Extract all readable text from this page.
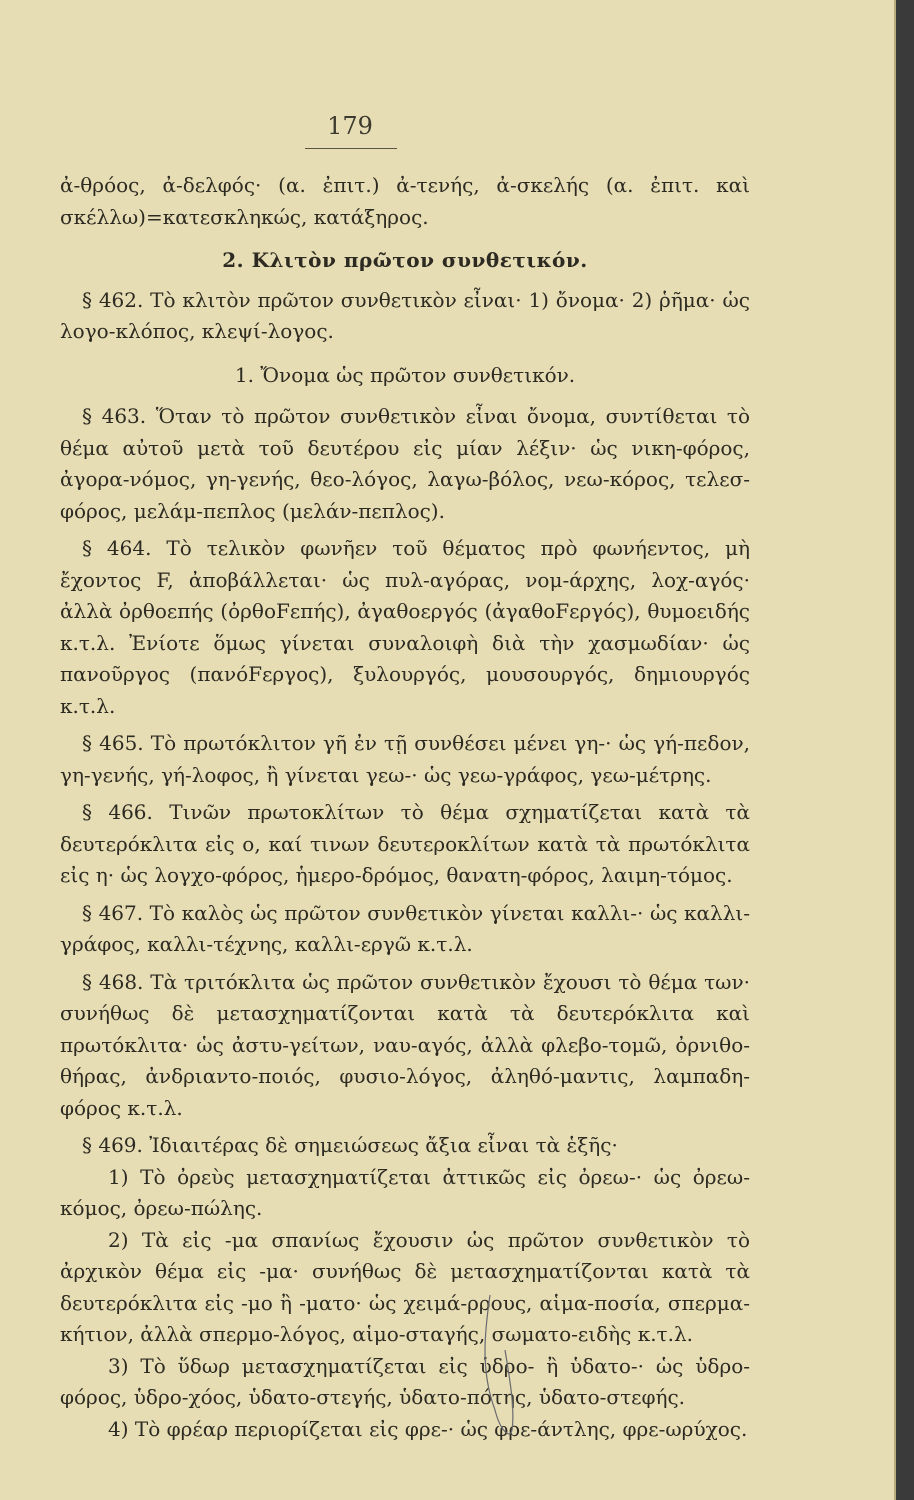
179

ἀ-θρόος, ἀ-δελφός· (α. ἐπιτ.) ἀ-τενής, ἀ-σκελής (α. ἐπιτ. καὶ σκέλλω)=κατεσκληκώς, κατάξηρος.

2. Κλιτὸν πρῶτον συνθετικόν.

§ 462. Τὸ κλιτὸν πρῶτον συνθετικὸν εἶναι· 1) ὄνομα· 2) ῥῆμα· ὡς λογο-κλόπος, κλεψί-λογος.

1. Ὄνομα ὡς πρῶτον συνθετικόν.

§ 463. Ὅταν τὸ πρῶτον συνθετικὸν εἶναι ὄνομα, συντίθεται τὸ θέμα αὐτοῦ μετὰ τοῦ δευτέρου εἰς μίαν λέξιν· ὡς νικη-φόρος, ἀγορα-νόμος, γη-γενής, θεο-λόγος, λαγω-βόλος, νεω-κόρος, τελεσ-φόρος, μελάμ-πεπλος (μελάν-πεπλος).

§ 464. Τὸ τελικὸν φωνῆεν τοῦ θέματος πρὸ φωνήεντος, μὴ ἔχοντος F, ἀποβάλλεται· ὡς πυλ-αγόρας, νομ-άρχης, λοχ-αγός· ἀλλὰ ὀρθοεπής (ὀρθοFεπής), ἀγαθοεργός (ἀγαθοFεργός), θυμοειδής κ.τ.λ. Ἐνίοτε ὅμως γίνεται συναλοιφὴ διὰ τὴν χασμωδίαν· ὡς πανοῦργος (πανόFεργος), ξυλουργός, μουσουργός, δημιουργός κ.τ.λ.

§ 465. Τὸ πρωτόκλιτον γῆ ἐν τῇ συνθέσει μένει γη-· ὡς γή-πεδον, γη-γενής, γή-λοφος, ἢ γίνεται γεω-· ὡς γεω-γράφος, γεω-μέτρης.

§ 466. Τινῶν πρωτοκλίτων τὸ θέμα σχηματίζεται κατὰ τὰ δευτερόκλιτα εἰς ο, καί τινων δευτεροκλίτων κατὰ τὰ πρωτόκλιτα εἰς η· ὡς λογχο-φόρος, ἡμερο-δρόμος, θανατη-φόρος, λαιμη-τόμος.

§ 467. Τὸ καλὸς ὡς πρῶτον συνθετικὸν γίνεται καλλι-· ὡς καλλι-γράφος, καλλι-τέχνης, καλλι-εργῶ κ.τ.λ.

§ 468. Τὰ τριτόκλιτα ὡς πρῶτον συνθετικὸν ἔχουσι τὸ θέμα των· συνήθως δὲ μετασχηματίζονται κατὰ τὰ δευτερόκλιτα καὶ πρωτόκλιτα· ὡς ἀστυ-γείτων, ναυ-αγός, ἀλλὰ φλεβο-τομῶ, ὀρνιθο-θήρας, ἀνδριαντο-ποιός, φυσιο-λόγος, ἀληθό-μαντις, λαμπαδη-φόρος κ.τ.λ.

§ 469. Ἰδιαιτέρας δὲ σημειώσεως ἄξια εἶναι τὰ ἑξῆς·

1) Τὸ ὀρεὺς μετασχηματίζεται ἀττικῶς εἰς ὀρεω-· ὡς ὀρεω-κόμος, ὀρεω-πώλης.

2) Τὰ εἰς -μα σπανίως ἔχουσιν ὡς πρῶτον συνθετικὸν τὸ ἀρχικὸν θέμα εἰς -μα· συνήθως δὲ μετασχηματίζονται κατὰ τὰ δευτερόκλιτα εἰς -μο ἢ -ματο· ὡς χειμά-ρρους, αἱμα-ποσία, σπερμα-κήτιον, ἀλλὰ σπερμο-λόγος, αἱμο-σταγής, σωματο-ειδὴς κ.τ.λ.

3) Τὸ ὕδωρ μετασχηματίζεται εἰς ὑδρο- ἢ ὑδατο-· ὡς ὑδρο-φόρος, ὑδρο-χόος, ὑδατο-στεγής, ὑδατο-πότης, ὑδατο-στεφής.

4) Τὸ φρέαρ περιορίζεται εἰς φρε-· ὡς φρε-άντλης, φρε-ωρύχος.
